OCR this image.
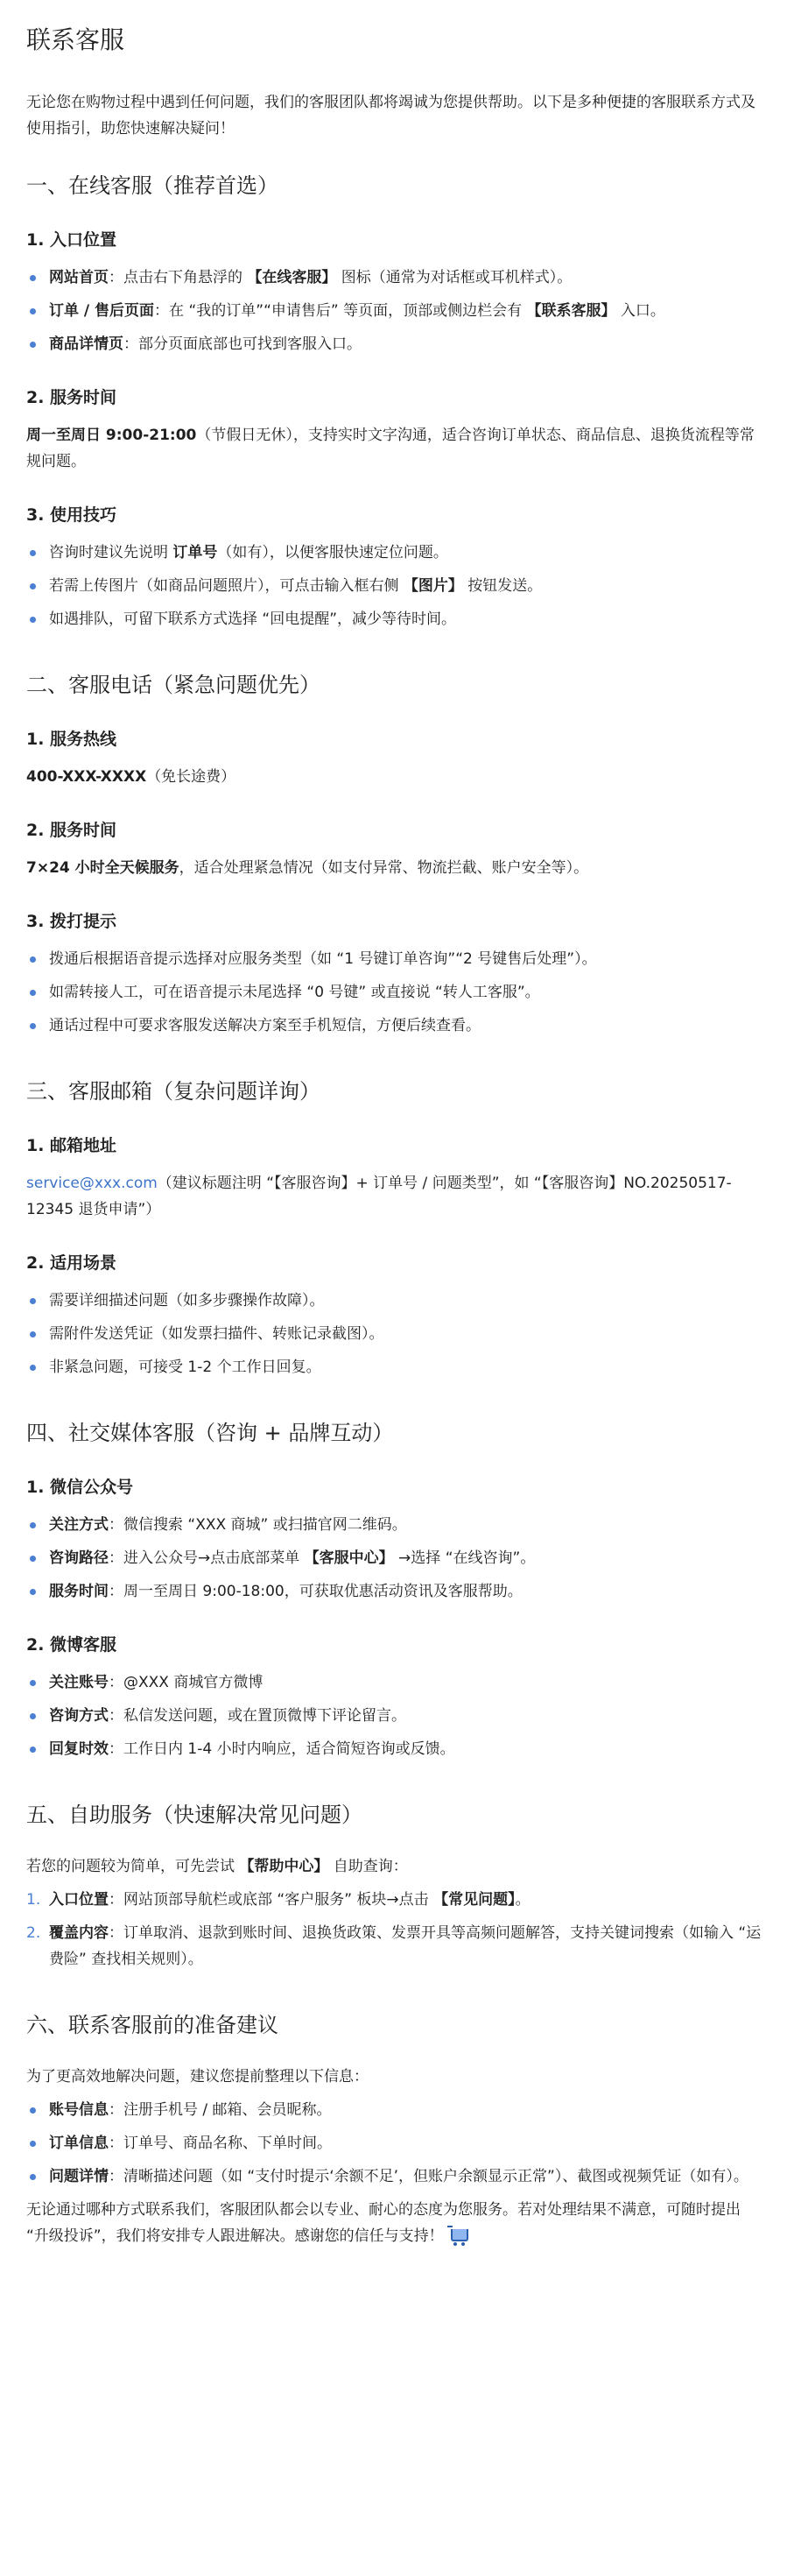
联系客服

无论您在购物过程中遇到任何问题，我们的客服团队都将竭诚为您提供帮助。以下是多种便捷的客服联系方式及使用指引，助您快速解决疑问！

一、在线客服（推荐首选）
1. 入口位置
网站首页：点击右下角悬浮的 【在线客服】 图标（通常为对话框或耳机样式）。
订单 / 售后页面：在 “我的订单”“申请售后” 等页面，顶部或侧边栏会有 【联系客服】 入口。
商品详情页：部分页面底部也可找到客服入口。
2. 服务时间

周一至周日 9:00-21:00（节假日无休），支持实时文字沟通，适合咨询订单状态、商品信息、退换货流程等常规问题。

3. 使用技巧
咨询时建议先说明 订单号（如有），以便客服快速定位问题。
若需上传图片（如商品问题照片），可点击输入框右侧 【图片】 按钮发送。
如遇排队，可留下联系方式选择 “回电提醒”，减少等待时间。
二、客服电话（紧急问题优先）
1. 服务热线

400-XXX-XXXX（免长途费）

2. 服务时间

7×24 小时全天候服务，适合处理紧急情况（如支付异常、物流拦截、账户安全等）。

3. 拨打提示
拨通后根据语音提示选择对应服务类型（如 “1 号键订单咨询”“2 号键售后处理”）。
如需转接人工，可在语音提示未尾选择 “0 号键” 或直接说 “转人工客服”。
通话过程中可要求客服发送解决方案至手机短信，方便后续查看。
三、客服邮箱（复杂问题详询）
1. 邮箱地址

service@xxx.com（建议标题注明 “【客服咨询】+ 订单号 / 问题类型”，如 “【客服咨询】NO.20250517-12345 退货申请”）

2. 适用场景
需要详细描述问题（如多步骤操作故障）。
需附件发送凭证（如发票扫描件、转账记录截图）。
非紧急问题，可接受 1-2 个工作日回复。
四、社交媒体客服（咨询 + 品牌互动）
1. 微信公众号
关注方式：微信搜索 “XXX 商城” 或扫描官网二维码。
咨询路径：进入公众号→点击底部菜单 【客服中心】 →选择 “在线咨询”。
服务时间：周一至周日 9:00-18:00，可获取优惠活动资讯及客服帮助。
2. 微博客服
关注账号：@XXX 商城官方微博
咨询方式：私信发送问题，或在置顶微博下评论留言。
回复时效：工作日内 1-4 小时内响应，适合简短咨询或反馈。
五、自助服务（快速解决常见问题）

若您的问题较为简单，可先尝试 【帮助中心】 自助查询：

1. 入口位置：网站顶部导航栏或底部 “客户服务” 板块→点击 【常见问题】。
2. 覆盖内容：订单取消、退款到账时间、退换货政策、发票开具等高频问题解答，支持关键词搜索（如输入 “运费险” 查找相关规则）。
六、联系客服前的准备建议

为了更高效地解决问题，建议您提前整理以下信息：

账号信息：注册手机号 / 邮箱、会员昵称。
订单信息：订单号、商品名称、下单时间。
问题详情：清晰描述问题（如 “支付时提示‘余额不足’，但账户余额显示正常”）、截图或视频凭证（如有）。

无论通过哪种方式联系我们，客服团队都会以专业、耐心的态度为您服务。若对处理结果不满意，可随时提出 “升级投诉”，我们将安排专人跟进解决。感谢您的信任与支持！
